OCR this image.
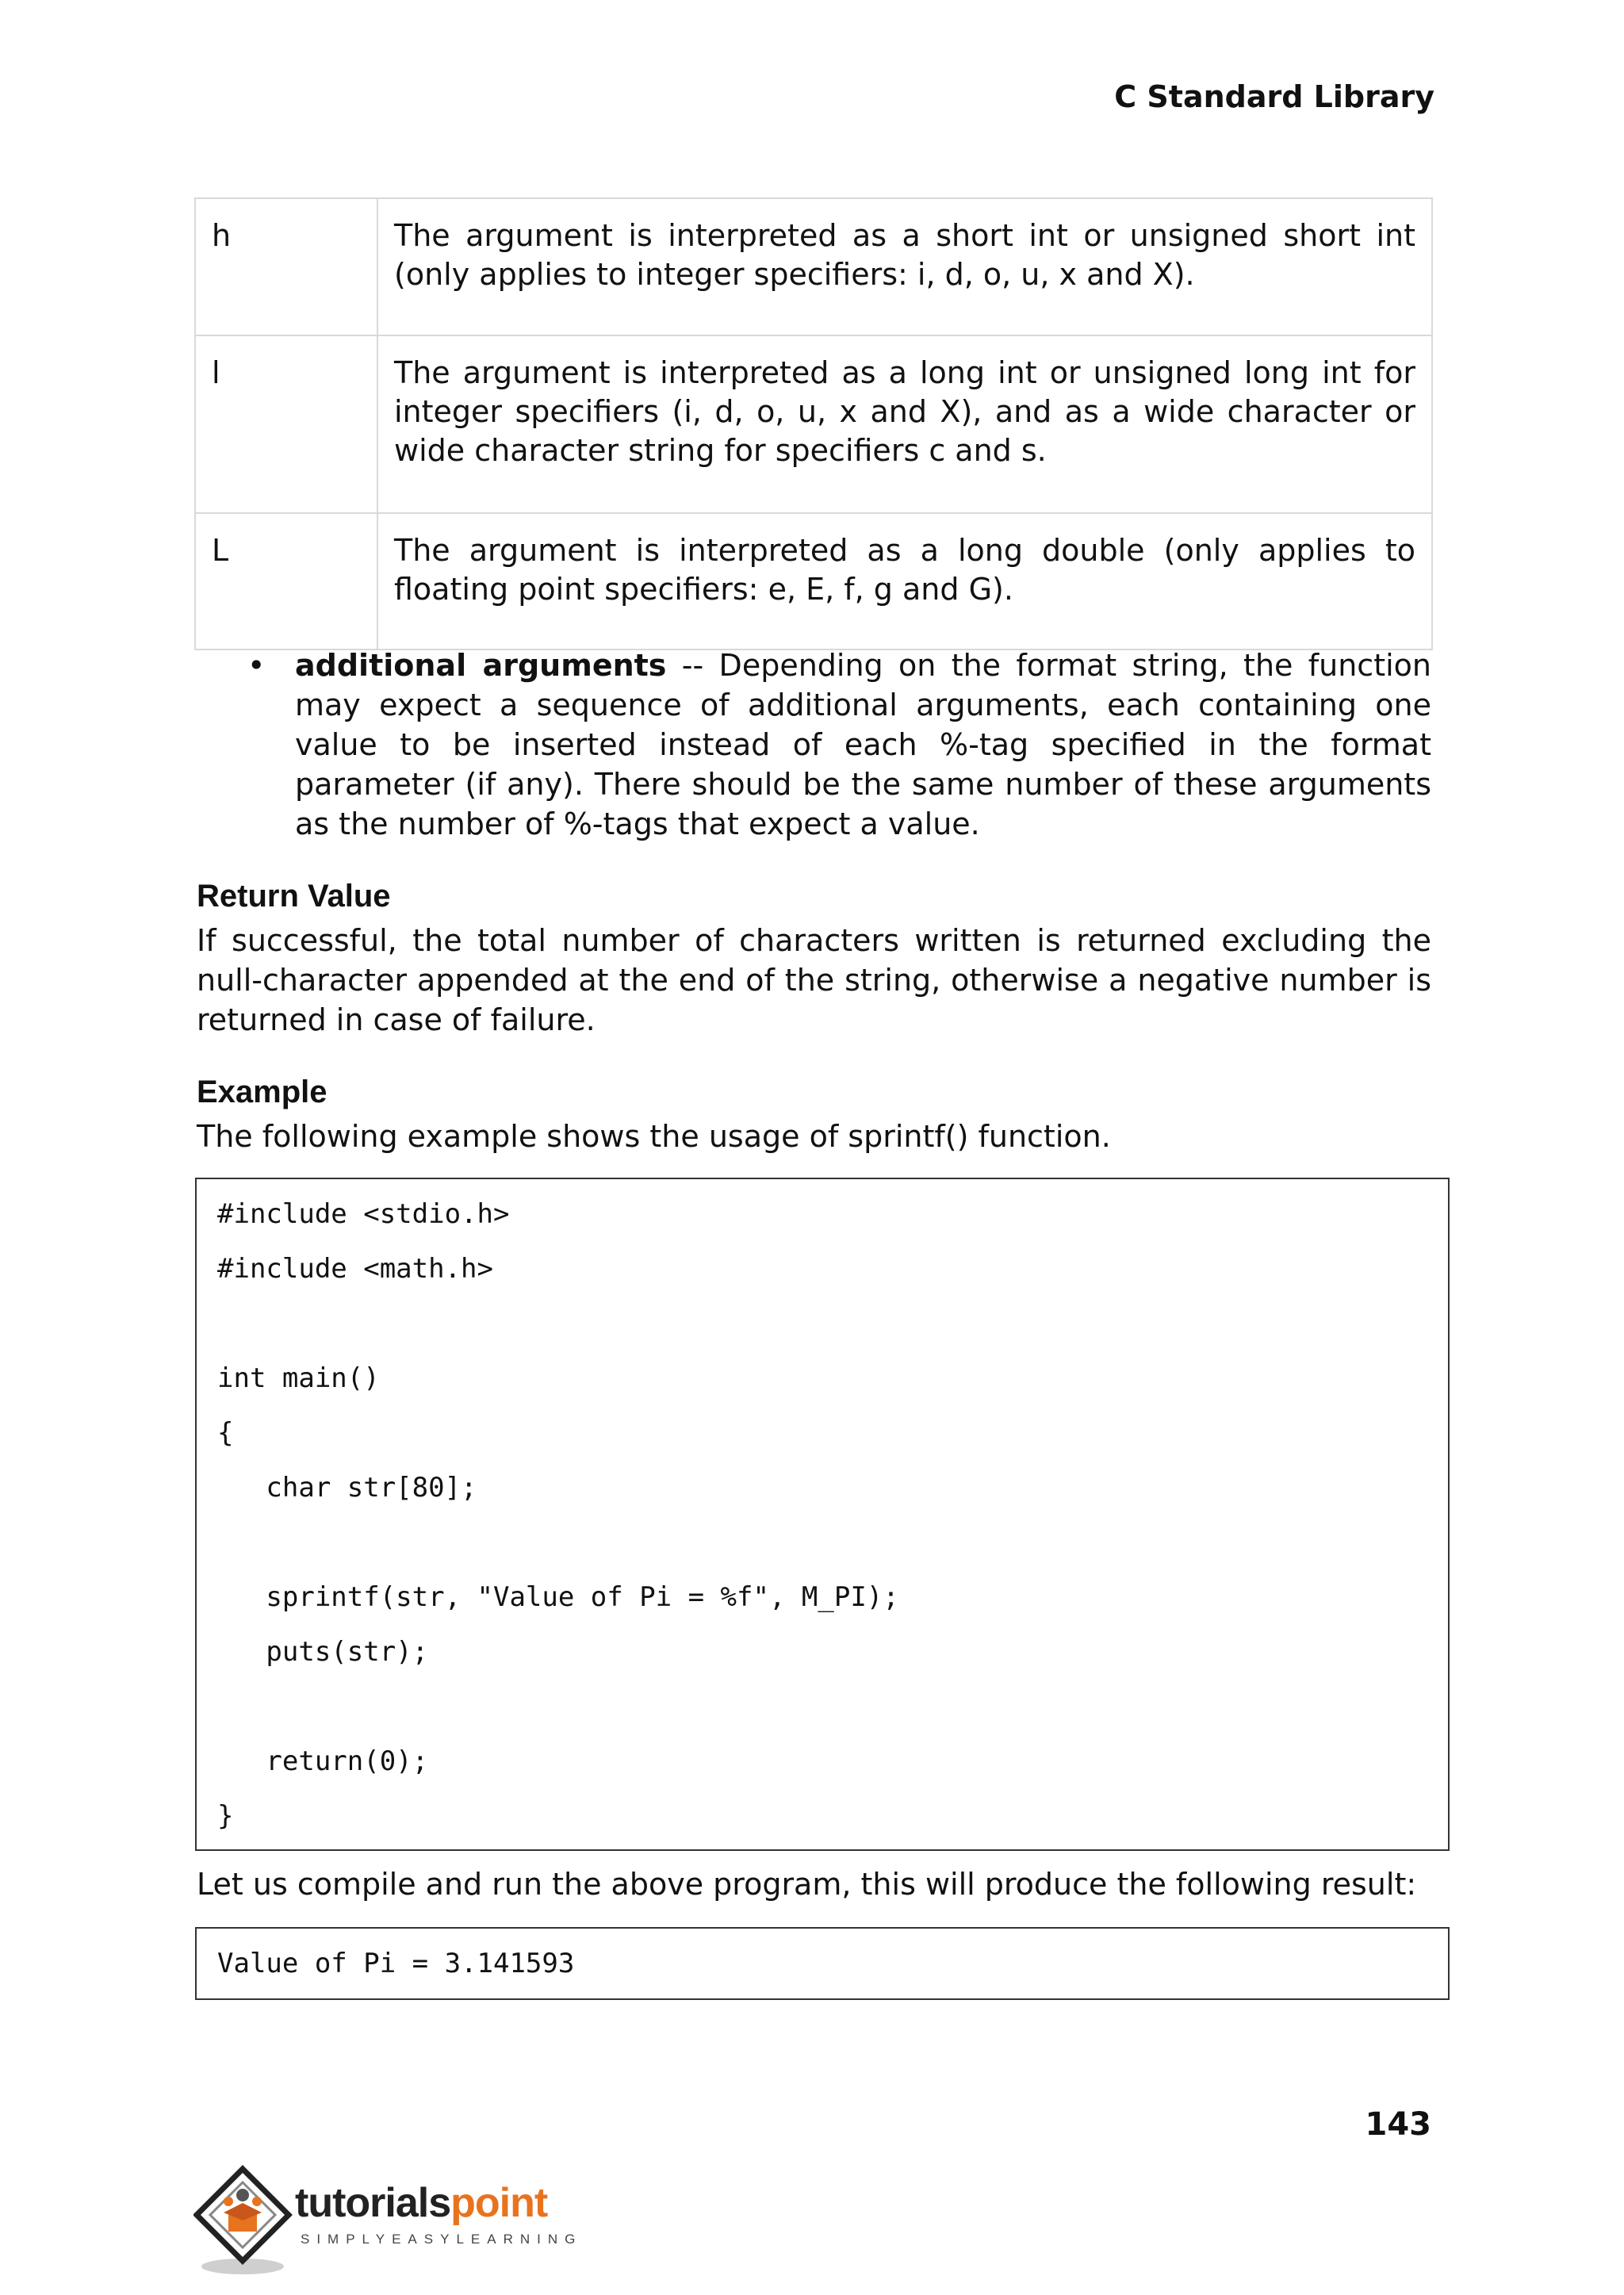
C Standard Library
h	The argument is interpreted as a short int or unsigned short int (only applies to integer specifiers: i, d, o, u, x and X).
l	The argument is interpreted as a long int or unsigned long int for integer specifiers (i, d, o, u, x and X), and as a wide character or wide character string for specifiers c and s.
L	The argument is interpreted as a long double (only applies to floating point specifiers: e, E, f, g and G).
• additional arguments -- Depending on the format string, the function may expect a sequence of additional arguments, each containing one value to be inserted instead of each %-tag specified in the format parameter (if any). There should be the same number of these arguments as the number of %-tags that expect a value.
Return Value
If successful, the total number of characters written is returned excluding the null-character appended at the end of the string, otherwise a negative number is returned in case of failure.
Example
The following example shows the usage of sprintf() function.
#include <stdio.h>
#include <math.h>
int main()
{
char str[80];
sprintf(str, "Value of Pi = %f", M_PI);
puts(str);
return(0);
}
Let us compile and run the above program, this will produce the following result:
Value of Pi = 3.141593
143
tutorialspoint
SIMPLYEASYLEARNING
